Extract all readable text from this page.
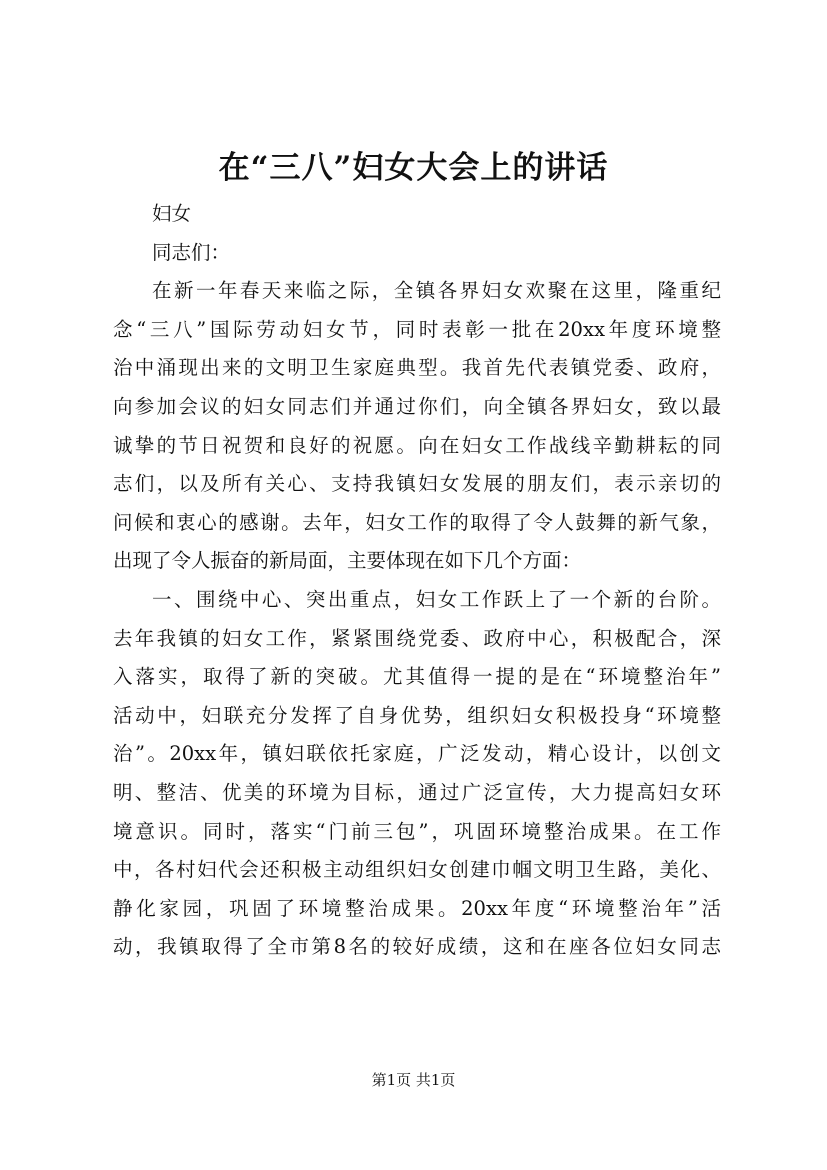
在“三八”妇女大会上的讲话

妇女

同志们：

在新一年春天来临之际，全镇各界妇女欢聚在这里，隆重纪
念“三八”国际劳动妇女节，同时表彰一批在20xx年度环境整
治中涌现出来的文明卫生家庭典型。我首先代表镇党委、政府，
向参加会议的妇女同志们并通过你们，向全镇各界妇女，致以最
诚挚的节日祝贺和良好的祝愿。向在妇女工作战线辛勤耕耘的同
志们，以及所有关心、支持我镇妇女发展的朋友们，表示亲切的
问候和衷心的感谢。去年，妇女工作的取得了令人鼓舞的新气象，
出现了令人振奋的新局面，主要体现在如下几个方面：
一、围绕中心、突出重点，妇女工作跃上了一个新的台阶。
去年我镇的妇女工作，紧紧围绕党委、政府中心，积极配合，深
入落实，取得了新的突破。尤其值得一提的是在“环境整治年”
活动中，妇联充分发挥了自身优势，组织妇女积极投身“环境整
治”。20xx年，镇妇联依托家庭，广泛发动，精心设计，以创文
明、整洁、优美的环境为目标，通过广泛宣传，大力提高妇女环
境意识。同时，落实“门前三包”，巩固环境整治成果。在工作
中，各村妇代会还积极主动组织妇女创建巾帼文明卫生路，美化、
静化家园，巩固了环境整治成果。20xx年度“环境整治年”活
动，我镇取得了全市第8名的较好成绩，这和在座各位妇女同志
第1页 共1页
